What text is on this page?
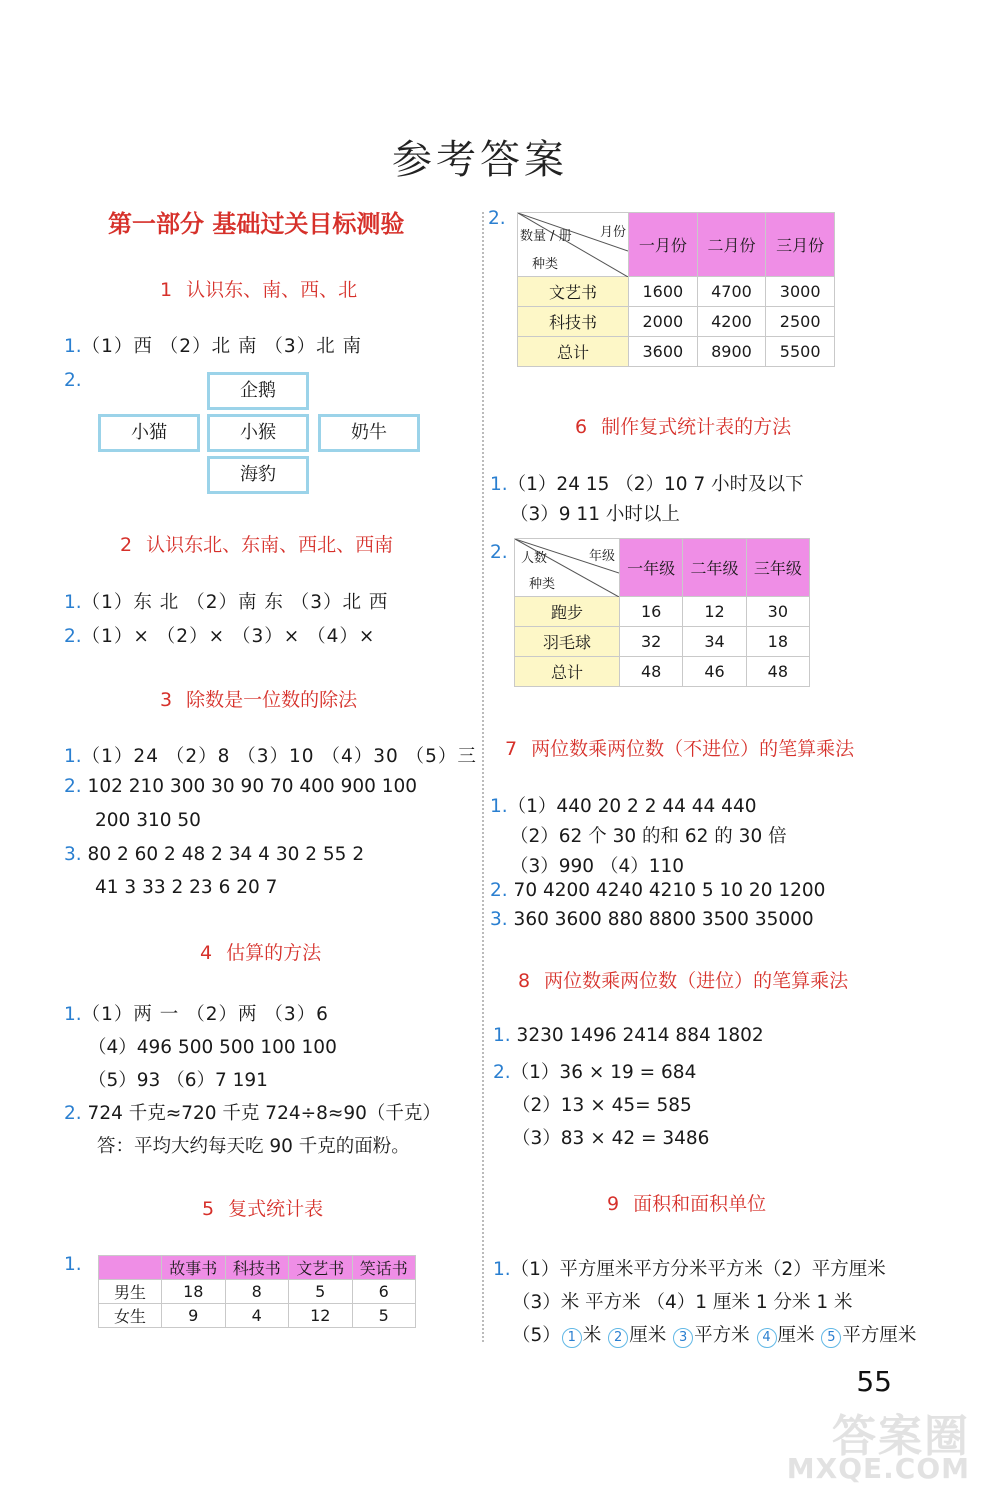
参考答案
第一部分 基础过关目标测验
1 认识东、南、西、北
1.（1）西 （2）北 南 （3）北 南
2.	企鹅
小猫	小猴	奶牛
海豹
2 认识东北、东南、西北、西南
1.（1）东 北 （2）南 东 （3）北 西
2.（1）× （2）× （3）× （4）×
3 除数是一位数的除法
1.（1）24 （2）8 （3）10 （4）30 （5）三
2. 102 210 300 30 90 70 400 900 100
200 310 50
3. 80 2 60 2 48 2 34 4 30 2 55 2
41 3 33 2 23 6 20 7
4 估算的方法
1.（1）两 一 （2）两 （3）6
（4）496 500 500 100 100
（5）93 （6）7 191
2. 724 千克≈720 千克 724÷8≈90（千克）
答：平均大约每天吃 90 千克的面粉。
5 复式统计表
1.
		故事书	科技书	文艺书	笑话书
男生	18	8	5	6
女生	9	4	12	5
2.
月份
数量 / 册
种类	一月份	二月份	三月份
文艺书	1600	4700	3000
科技书	2000	4200	2500
总计	3600	8900	5500
6 制作复式统计表的方法
1.（1）24 15 （2）10 7 小时及以下
（3）9 11 小时以上
2.	年级
人数
种类	一年级	二年级	三年级
跑步	16	12	30
羽毛球	32	34	18
总计	48	46	48
7 两位数乘两位数（不进位）的笔算乘法
1.（1）440 20 2 2 44 44 440
（2）62 个 30 的和 62 的 30 倍
（3）990 （4）110
2. 70 4200 4240 4210 5 10 20 1200
3. 360 3600 880 8800 3500 35000
8 两位数乘两位数（进位）的笔算乘法
1. 3230 1496 2414 884 1802
2.（1）36 × 19 = 684
（2）13 × 45= 585
（3）83 × 42 = 3486
9 面积和面积单位
1.（1）平方厘米平方分米平方米（2）平方厘米
（3）米 平方米 （4）1 厘米 1 分米 1 米
（5） 1 米 2 厘米 3 平方米 4 厘米 5 平方厘米
55
答案圈
MXQE.COM
